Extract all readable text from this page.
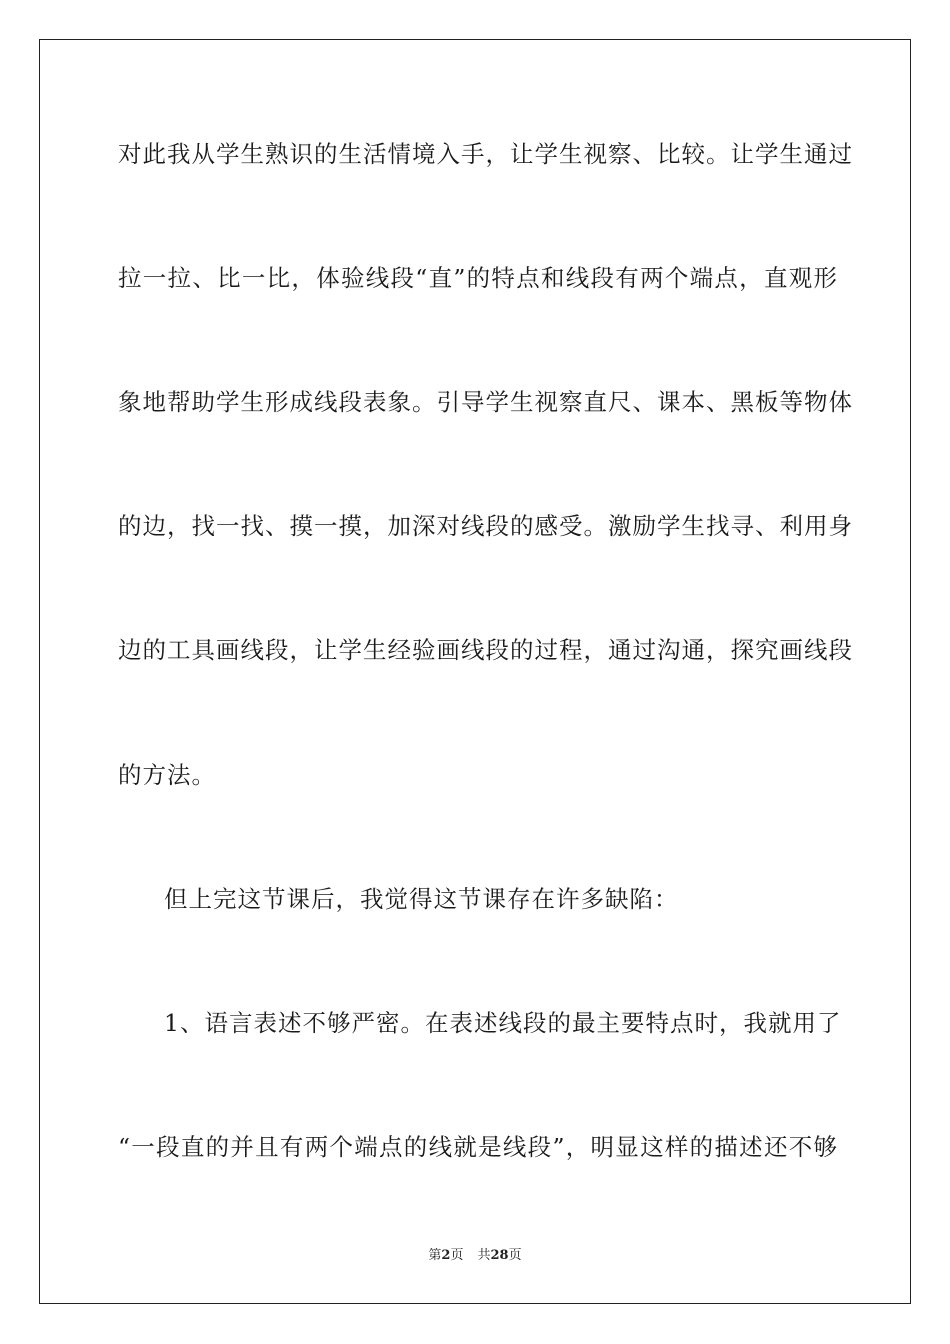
对此我从学生熟识的生活情境入手，让学生视察、比较。让学生通过
拉一拉、比一比，体验线段“直”的特点和线段有两个端点，直观形
象地帮助学生形成线段表象。引导学生视察直尺、课本、黑板等物体
的边，找一找、摸一摸，加深对线段的感受。激励学生找寻、利用身
边的工具画线段，让学生经验画线段的过程，通过沟通，探究画线段
的方法。
但上完这节课后，我觉得这节课存在许多缺陷：
1、语言表述不够严密。在表述线段的最主要特点时，我就用了
“一段直的并且有两个端点的线就是线段”，明显这样的描述还不够
第2页 共28页
